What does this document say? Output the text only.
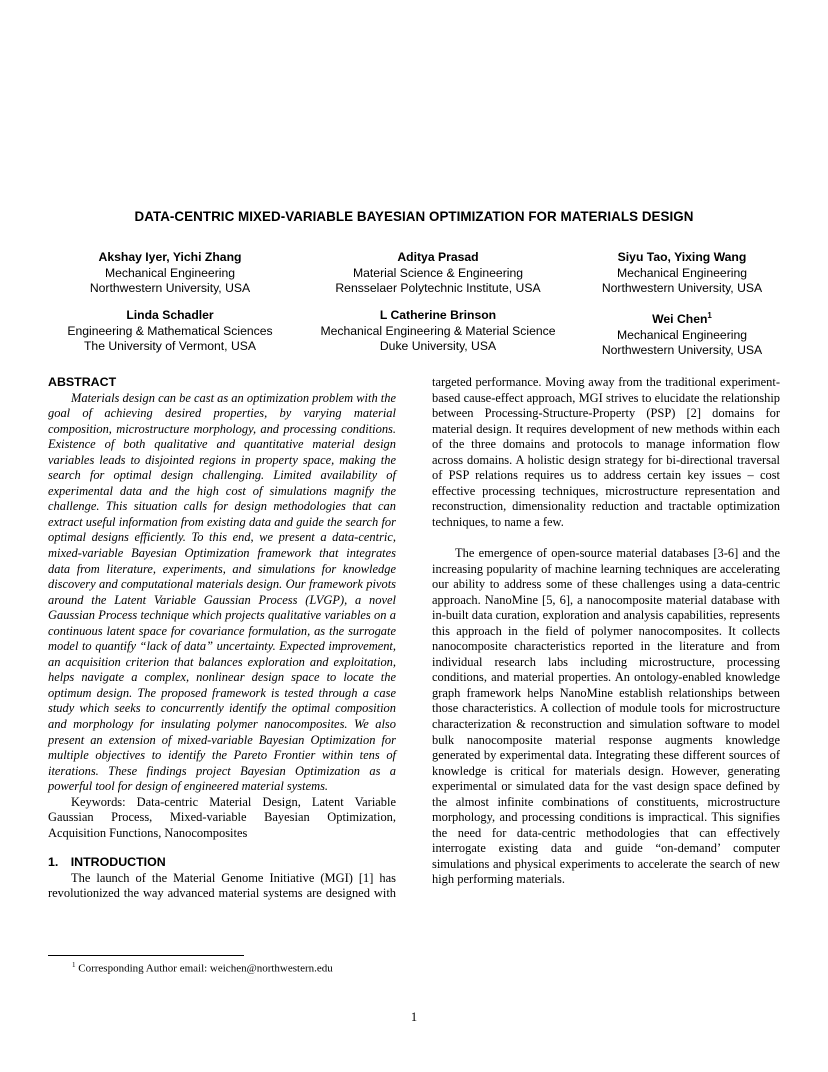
DATA-CENTRIC MIXED-VARIABLE BAYESIAN OPTIMIZATION FOR MATERIALS DESIGN
Akshay Iyer, Yichi Zhang
Mechanical Engineering
Northwestern University, USA
Aditya Prasad
Material Science & Engineering
Rensselaer Polytechnic Institute, USA
Siyu Tao, Yixing Wang
Mechanical Engineering
Northwestern University, USA
Linda Schadler
Engineering & Mathematical Sciences
The University of Vermont, USA
L Catherine Brinson
Mechanical Engineering & Material Science
Duke University, USA
Wei Chen$^1$
Mechanical Engineering
Northwestern University, USA
ABSTRACT

Materials design can be cast as an optimization problem with the goal of achieving desired properties, by varying material composition, microstructure morphology, and processing conditions. Existence of both qualitative and quantitative material design variables leads to disjointed regions in property space, making the search for optimal design challenging. Limited availability of experimental data and the high cost of simulations magnify the challenge. This situation calls for design methodologies that can extract useful information from existing data and guide the search for optimal designs efficiently. To this end, we present a data-centric, mixed-variable Bayesian Optimization framework that integrates data from literature, experiments, and simulations for knowledge discovery and computational materials design. Our framework pivots around the Latent Variable Gaussian Process (LVGP), a novel Gaussian Process technique which projects qualitative variables on a continuous latent space for covariance formulation, as the surrogate model to quantify “lack of data” uncertainty. Expected improvement, an acquisition criterion that balances exploration and exploitation, helps navigate a complex, nonlinear design space to locate the optimum design. The proposed framework is tested through a case study which seeks to concurrently identify the optimal composition and morphology for insulating polymer nanocomposites. We also present an extension of mixed-variable Bayesian Optimization for multiple objectives to identify the Pareto Frontier within tens of iterations. These findings project Bayesian Optimization as a powerful tool for design of engineered material systems.

Keywords: Data-centric Material Design, Latent Variable Gaussian Process, Mixed-variable Bayesian Optimization, Acquisition Functions, Nanocomposites

1. INTRODUCTION

The launch of the Material Genome Initiative (MGI) [1] has revolutionized the way advanced material systems are designed with

targeted performance. Moving away from the traditional experiment-based cause-effect approach, MGI strives to elucidate the relationship between Processing-Structure-Property (PSP) [2] domains for material design. It requires development of new methods within each of the three domains and protocols to manage information flow across domains. A holistic design strategy for bi-directional traversal of PSP relations requires us to address certain key issues – cost effective processing techniques, microstructure representation and reconstruction, dimensionality reduction and tractable optimization techniques, to name a few.

The emergence of open-source material databases [3-6] and the increasing popularity of machine learning techniques are accelerating our ability to address some of these challenges using a data-centric approach. NanoMine [5, 6], a nanocomposite material database with in-built data curation, exploration and analysis capabilities, represents this approach in the field of polymer nanocomposites. It collects nanocomposite characteristics reported in the literature and from individual research labs including microstructure, processing conditions, and material properties. An ontology-enabled knowledge graph framework helps NanoMine establish relationships between those characteristics. A collection of module tools for microstructure characterization & reconstruction and simulation software to model bulk nanocomposite material response augments knowledge generated by experimental data. Integrating these different sources of knowledge is critical for materials design. However, generating experimental or simulated data for the vast design space defined by the almost infinite combinations of constituents, microstructure morphology, and processing conditions is impractical. This signifies the need for data-centric methodologies that can effectively interrogate existing data and guide “on-demand’ computer simulations and physical experiments to accelerate the search of new high performing materials.

$^1$ Corresponding Author email: weichen@northwestern.edu
1
